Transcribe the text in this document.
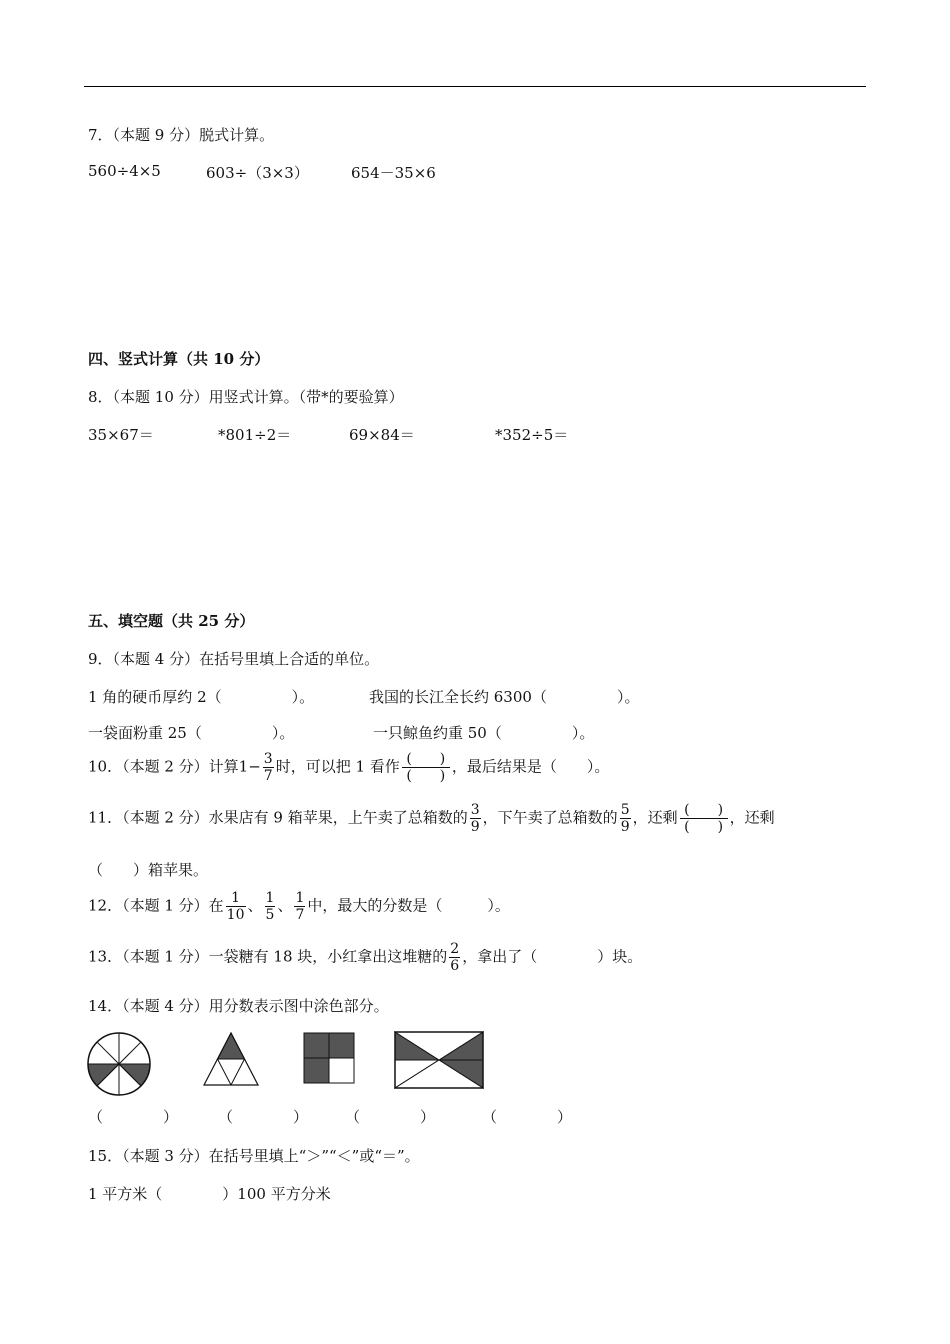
7．（本题 9 分）脱式计算。
560÷4×5	603÷（3×3）	654－35×6
四、竖式计算（共 10 分）
8．（本题 10 分）用竖式计算。（带*的要验算）
35×67＝	*801÷2＝	69×84＝	*352÷5＝
五、填空题（共 25 分）
9．（本题 4 分）在括号里填上合适的单位。
1 角的硬币厚约 2（	）。	我国的长江全长约 6300（	）。
一袋面粉重 25（	）。	一只鲸鱼约重 50（	）。
10．（本题 2 分）计算$1- \frac{3}{7}$ 时，可以把 1 看作 $\frac{( )}{( )}$ ，最后结果是（　　）。
11．（本题 2 分）水果店有 9 箱苹果，上午卖了总箱数的 $\frac{3}{9}$ ，下午卖了总箱数的 $\frac{5}{9}$ ，还剩 $\frac{( )}{( )}$ ，还剩
（　　）箱苹果。
12．（本题 1 分）在 $\frac{1}{10}$ 、 $\frac{1}{5}$ 、 $\frac{1}{7}$ 中，最大的分数是（　　　）。
13．（本题 1 分）一袋糖有 18 块，小红拿出这堆糖的 $\frac{2}{6}$ ，拿出了（　　　　）块。
14．（本题 4 分）用分数表示图中涂色部分。
（　　　　）	（　　　　） （　　　　）	（　　　　）
15．（本题 3 分）在括号里填上“＞”“＜”或“＝”。
1 平方米（　　　　）100 平方分米
